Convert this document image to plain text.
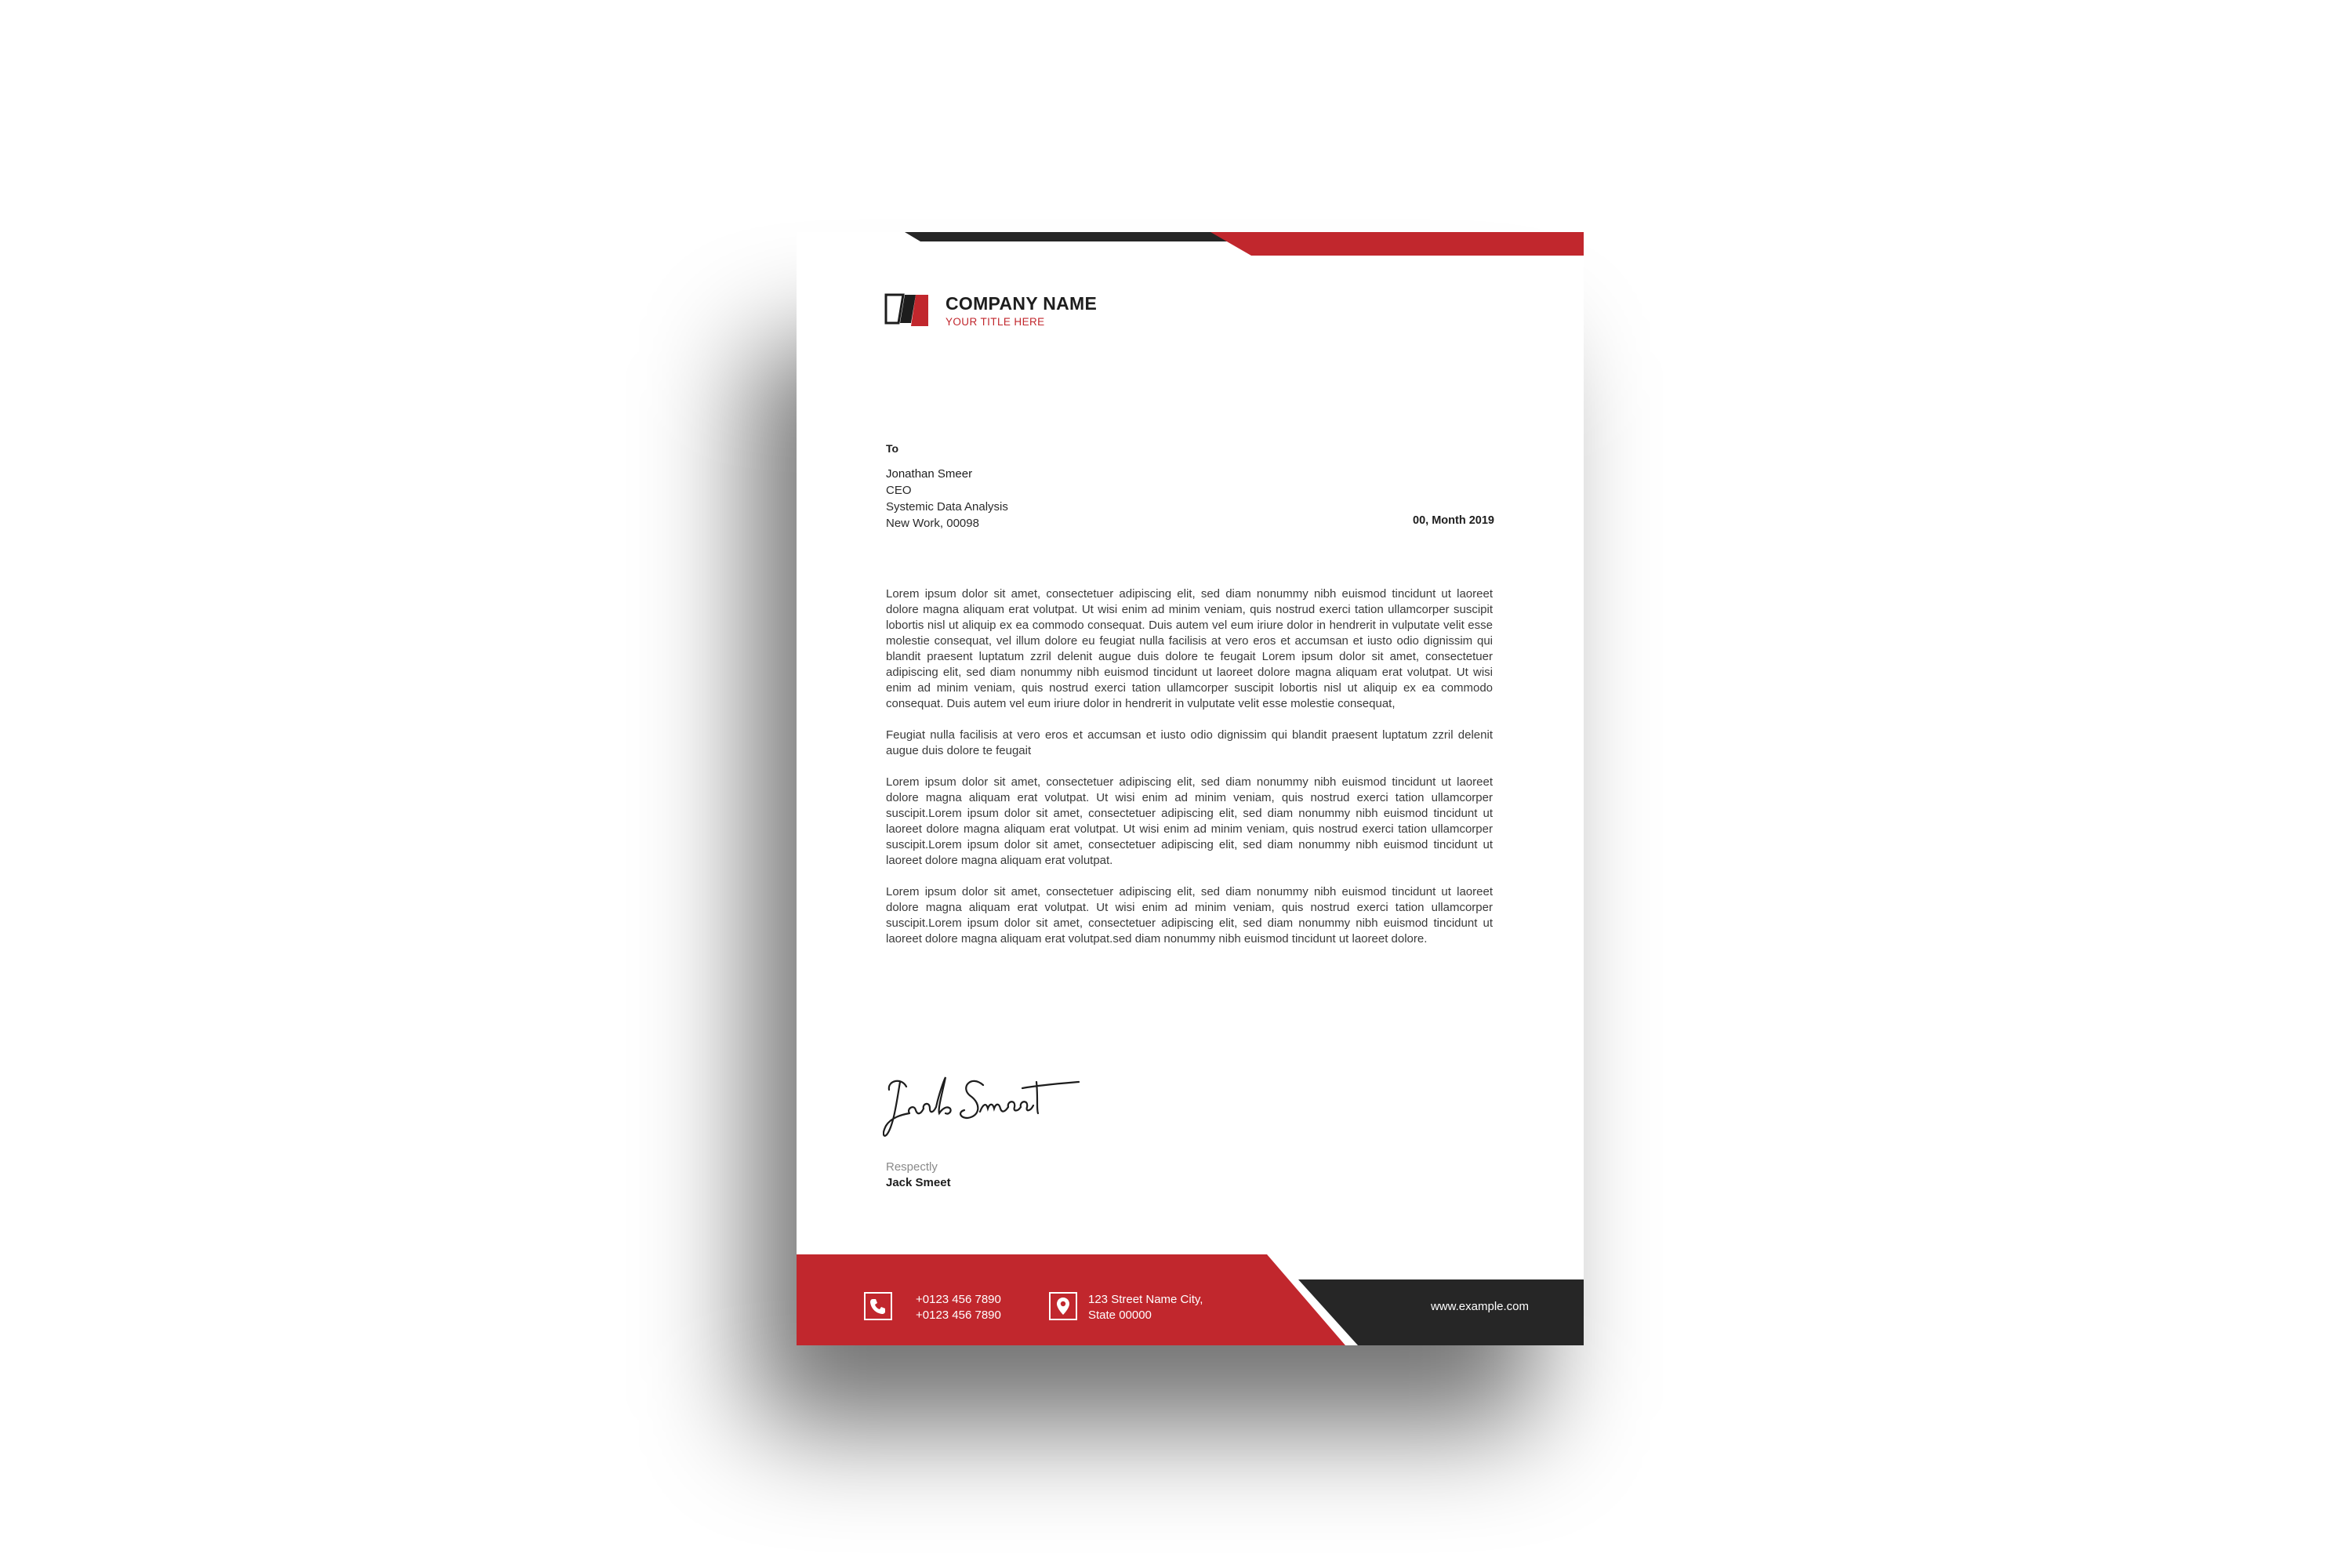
COMPANY NAME
YOUR TITLE HERE
To
Jonathan Smeer
CEO
Systemic Data Analysis
New Work, 00098	00, Month 2019

Lorem ipsum dolor sit amet, consectetuer adipiscing elit, sed diam nonummy nibh euismod tincidunt ut laoreet dolore magna aliquam erat volutpat. Ut wisi enim ad minim veniam, quis nostrud exerci tation ullamcorper suscipit lobortis nisl ut aliquip ex ea commodo consequat. Duis autem vel eum iriure dolor in hendrerit in vulputate velit esse molestie consequat, vel illum dolore eu feugiat nulla facilisis at vero eros et accumsan et iusto odio dignissim qui blandit praesent luptatum zzril delenit augue duis dolore te feugait Lorem ipsum dolor sit amet, consectetuer adipiscing elit, sed diam nonummy nibh euismod tincidunt ut laoreet dolore magna aliquam erat volutpat. Ut wisi enim ad minim veniam, quis nostrud exerci tation ullamcorper suscipit lobortis nisl ut aliquip ex ea commodo consequat. Duis autem vel eum iriure dolor in hendrerit in vulputate velit esse molestie consequat,

Feugiat nulla facilisis at vero eros et accumsan et iusto odio dignissim qui blandit praesent luptatum zzril delenit augue duis dolore te feugait

Lorem ipsum dolor sit amet, consectetuer adipiscing elit, sed diam nonummy nibh euismod tincidunt ut laoreet dolore magna aliquam erat volutpat. Ut wisi enim ad minim veniam, quis nostrud exerci tation ullamcorper suscipit.Lorem ipsum dolor sit amet, consectetuer adipiscing elit, sed diam nonummy nibh euismod tincidunt ut laoreet dolore magna aliquam erat volutpat. Ut wisi enim ad minim veniam, quis nostrud exerci tation ullamcorper suscipit.Lorem ipsum dolor sit amet, consectetuer adipiscing elit, sed diam nonummy nibh euismod tincidunt ut laoreet dolore magna aliquam erat volutpat.

Lorem ipsum dolor sit amet, consectetuer adipiscing elit, sed diam nonummy nibh euismod tincidunt ut laoreet dolore magna aliquam erat volutpat. Ut wisi enim ad minim veniam, quis nostrud exerci tation ullamcorper suscipit.Lorem ipsum dolor sit amet, consectetuer adipiscing elit, sed diam nonummy nibh euismod tincidunt ut laoreet dolore magna aliquam erat volutpat.sed diam nonummy nibh euismod tincidunt ut laoreet dolore.

Respectly
Jack Smeet
+0123 456 7890
+0123 456 7890
123 Street Name City,
State 00000
www.example.com
